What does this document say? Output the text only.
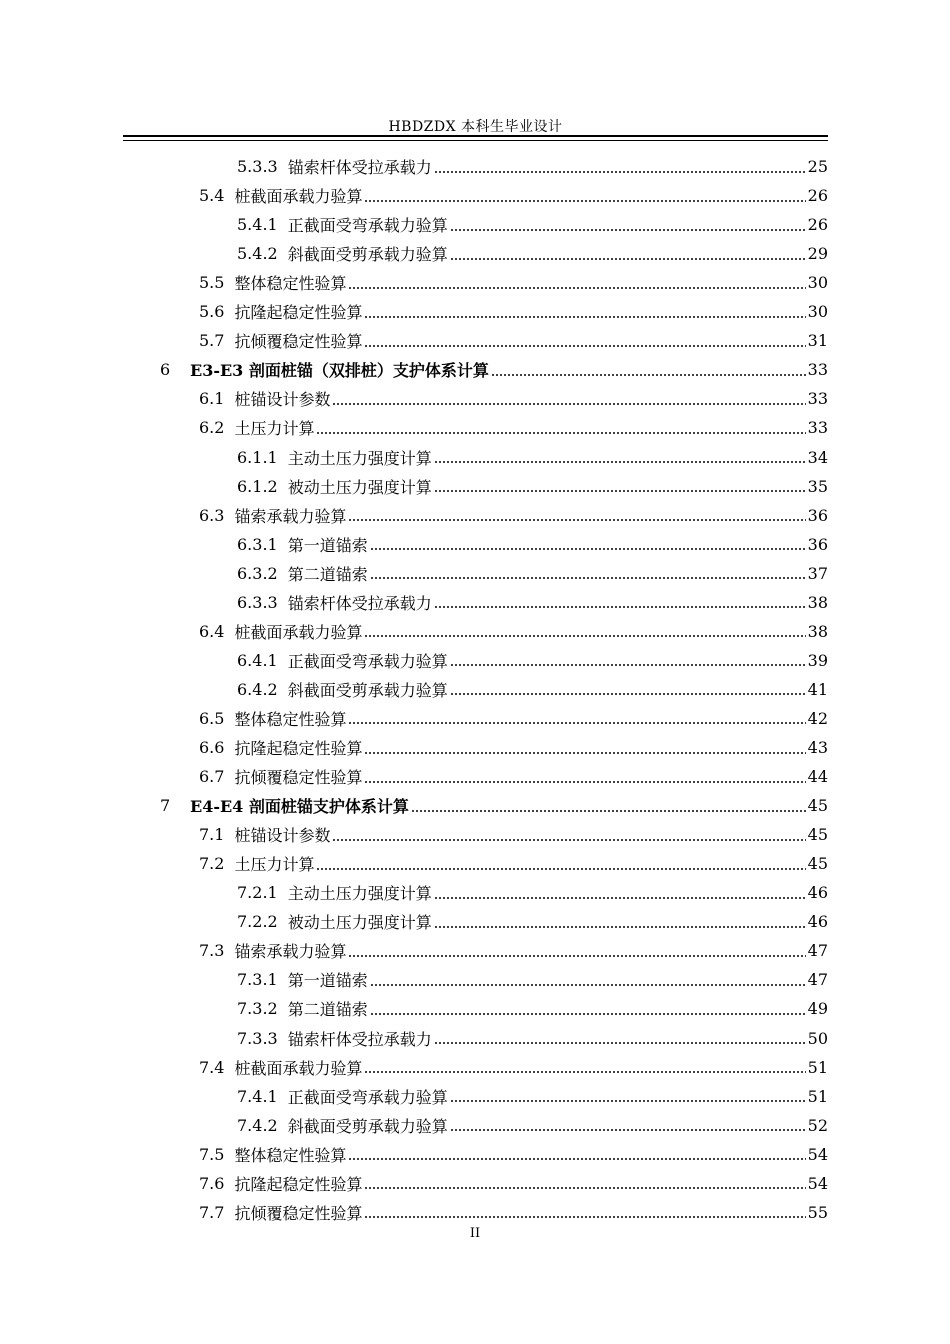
HBDZDX 本科生毕业设计
5.3.3 锚索杆体受拉承载力	25
5.4 桩截面承载力验算	26
5.4.1 正截面受弯承载力验算	26
5.4.2 斜截面受剪承载力验算	29
5.5 整体稳定性验算	30
5.6 抗隆起稳定性验算	30
5.7 抗倾覆稳定性验算	31
6	E3-E3 剖面桩锚（双排桩）支护体系计算	33
6.1 桩锚设计参数	33
6.2 土压力计算	33
6.1.1 主动土压力强度计算	34
6.1.2 被动土压力强度计算	35
6.3 锚索承载力验算	36
6.3.1 第一道锚索	36
6.3.2 第二道锚索	37
6.3.3 锚索杆体受拉承载力	38
6.4 桩截面承载力验算	38
6.4.1 正截面受弯承载力验算	39
6.4.2 斜截面受剪承载力验算	41
6.5 整体稳定性验算	42
6.6 抗隆起稳定性验算	43
6.7 抗倾覆稳定性验算	44
7	E4-E4 剖面桩锚支护体系计算	45
7.1 桩锚设计参数	45
7.2 土压力计算	45
7.2.1 主动土压力强度计算	46
7.2.2 被动土压力强度计算	46
7.3 锚索承载力验算	47
7.3.1 第一道锚索	47
7.3.2 第二道锚索	49
7.3.3 锚索杆体受拉承载力	50
7.4 桩截面承载力验算	51
7.4.1 正截面受弯承载力验算	51
7.4.2 斜截面受剪承载力验算	52
7.5 整体稳定性验算	54
7.6 抗隆起稳定性验算	54
7.7 抗倾覆稳定性验算	55
II
